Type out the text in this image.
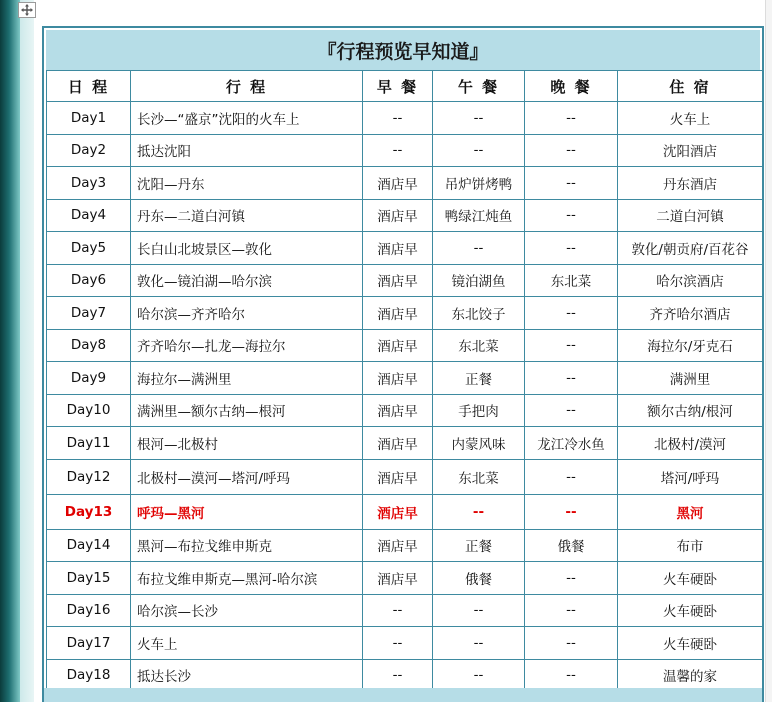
『行程预览早知道』
日 程	行 程	早 餐	午 餐	晚 餐	住 宿
Day1	长沙—“盛京”沈阳的火车上	--	--	--	火车上
Day2	抵达沈阳	--	--	--	沈阳酒店
Day3	沈阳—丹东	酒店早	吊炉饼烤鸭	--	丹东酒店
Day4	丹东—二道白河镇	酒店早	鸭绿江炖鱼	--	二道白河镇
Day5	长白山北坡景区—敦化	酒店早	--	--	敦化/朝贡府/百花谷
Day6	敦化—镜泊湖—哈尔滨	酒店早	镜泊湖鱼	东北菜	哈尔滨酒店
Day7	哈尔滨—齐齐哈尔	酒店早	东北饺子	--	齐齐哈尔酒店
Day8	齐齐哈尔—扎龙—海拉尔	酒店早	东北菜	--	海拉尔/牙克石
Day9	海拉尔—满洲里	酒店早	正餐	--	满洲里
Day10	满洲里—额尔古纳—根河	酒店早	手把肉	--	额尔古纳/根河
Day11	根河—北极村	酒店早	内蒙风味	龙江冷水鱼	北极村/漠河
Day12	北极村—漠河—塔河/呼玛	酒店早	东北菜	--	塔河/呼玛
Day13	呼玛—黑河	酒店早	--	--	黑河
Day14	黑河—布拉戈维申斯克	酒店早	正餐	俄餐	布市
Day15	布拉戈维申斯克—黑河-哈尔滨	酒店早	俄餐	--	火车硬卧
Day16	哈尔滨—长沙	--	--	--	火车硬卧
Day17	火车上	--	--	--	火车硬卧
Day18	抵达长沙	--	--	--	温馨的家
